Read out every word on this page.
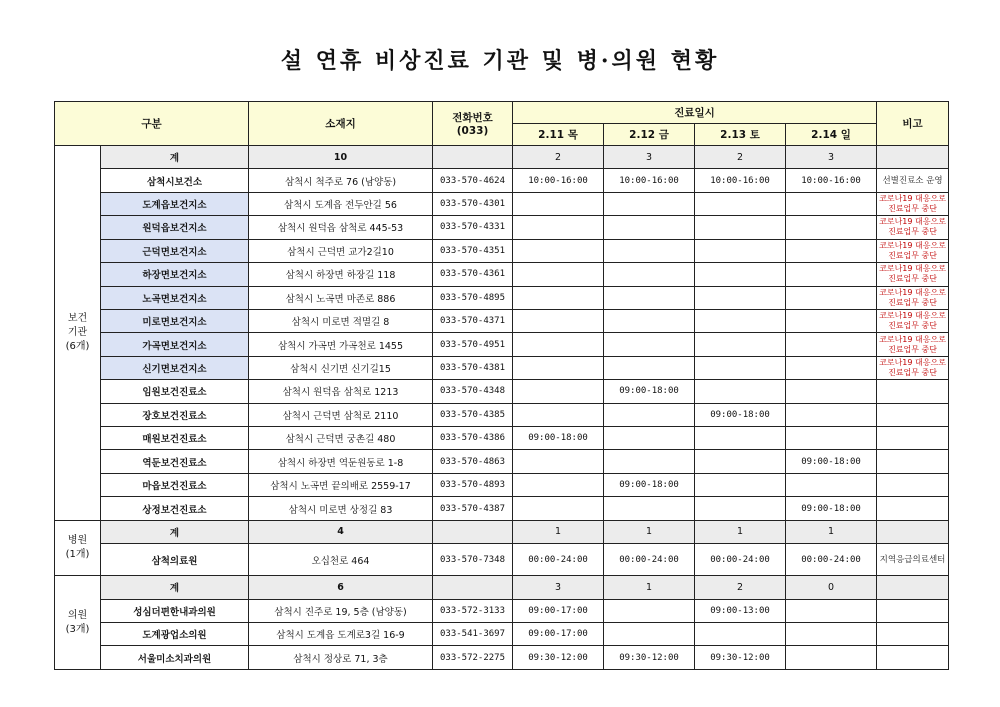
설 연휴 비상진료 기관 및 병·의원 현황
구분		소재지	전화번호
(033)	진료일시				비고
				2.11 목	2.12 금	2.13 토	2.14 일	

보건
기관
(6개)	계	10		2	3	2	3	
	삼척시보건소	삼척시 척주로 76 (남양동)	033-570-4624	10:00-16:00	10:00-16:00	10:00-16:00	10:00-16:00	선별진료소 운영
	도계읍보건지소	삼척시 도계읍 전두안길 56	033-570-4301					코로나19 대응으로 진료업무 중단
	원덕읍보건지소	삼척시 원덕읍 삼척로 445-53	033-570-4331					코로나19 대응으로 진료업무 중단
	근덕면보건지소	삼척시 근덕면 교가2길10	033-570-4351					코로나19 대응으로 진료업무 중단
	하장면보건지소	삼척시 하장면 하장길 118	033-570-4361					코로나19 대응으로 진료업무 중단
	노곡면보건지소	삼척시 노곡면 마존로 886	033-570-4895					코로나19 대응으로 진료업무 중단
	미로면보건지소	삼척시 미로면 적멸길 8	033-570-4371					코로나19 대응으로 진료업무 중단
	가곡면보건지소	삼척시 가곡면 가곡천로 1455	033-570-4951					코로나19 대응으로 진료업무 중단
	신기면보건지소	삼척시 신기면 신기길15	033-570-4381					코로나19 대응으로 진료업무 중단
	임원보건진료소	삼척시 원덕읍 삼척로 1213	033-570-4348		09:00-18:00			
	장호보건진료소	삼척시 근덕면 삼척로 2110	033-570-4385			09:00-18:00		
	매원보건진료소	삼척시 근덕면 궁촌길 480	033-570-4386	09:00-18:00				
	역둔보건진료소	삼척시 하장면 역둔원동로 1-8	033-570-4863				09:00-18:00	
	마읍보건진료소	삼척시 노곡면 끝의배로 2559-17	033-570-4893		09:00-18:00			
	상정보건진료소	삼척시 미로면 상정길 83	033-570-4387				09:00-18:00	

병원
(1개)	계	4		1	1	1	1	
	삼척의료원	오십천로 464	033-570-7348	00:00-24:00	00:00-24:00	00:00-24:00	00:00-24:00	지역응급의료센터

의원
(3개)	계	6		3	1	2	0	
	성심더편한내과의원	삼척시 진주로 19, 5층 (남양동)	033-572-3133	09:00-17:00		09:00-13:00		
	도계광업소의원	삼척시 도계읍 도계로3길 16-9	033-541-3697	09:00-17:00				
	서울미소치과의원	삼척시 정상로 71, 3층	033-572-2275	09:30-12:00	09:30-12:00	09:30-12:00		
